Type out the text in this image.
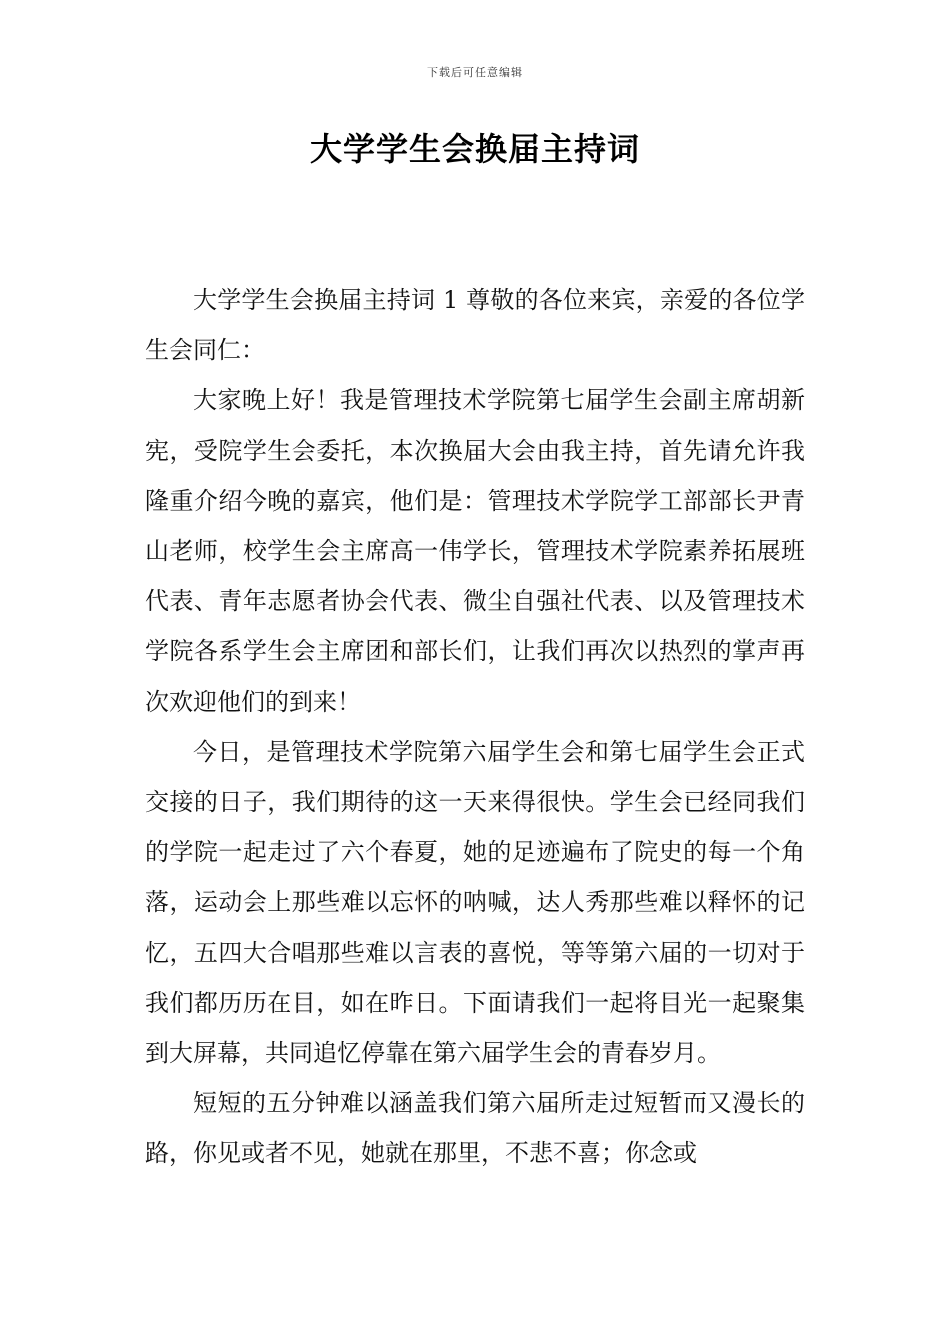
下载后可任意编辑
大学学生会换届主持词

大学学生会换届主持词 1 尊敬的各位来宾，亲爱的各位学生会同仁：

大家晚上好！我是管理技术学院第七届学生会副主席胡新宪，受院学生会委托，本次换届大会由我主持，首先请允许我隆重介绍今晚的嘉宾，他们是：管理技术学院学工部部长尹青山老师，校学生会主席高一伟学长，管理技术学院素养拓展班代表、青年志愿者协会代表、微尘自强社代表、以及管理技术学院各系学生会主席团和部长们，让我们再次以热烈的掌声再次欢迎他们的到来！

今日，是管理技术学院第六届学生会和第七届学生会正式交接的日子，我们期待的这一天来得很快。学生会已经同我们的学院一起走过了六个春夏，她的足迹遍布了院史的每一个角落，运动会上那些难以忘怀的呐喊，达人秀那些难以释怀的记忆，五四大合唱那些难以言表的喜悦，等等第六届的一切对于我们都历历在目，如在昨日。下面请我们一起将目光一起聚集到大屏幕，共同追忆停靠在第六届学生会的青春岁月。

短短的五分钟难以涵盖我们第六届所走过短暂而又漫长的路，你见或者不见，她就在那里，不悲不喜；你念或
